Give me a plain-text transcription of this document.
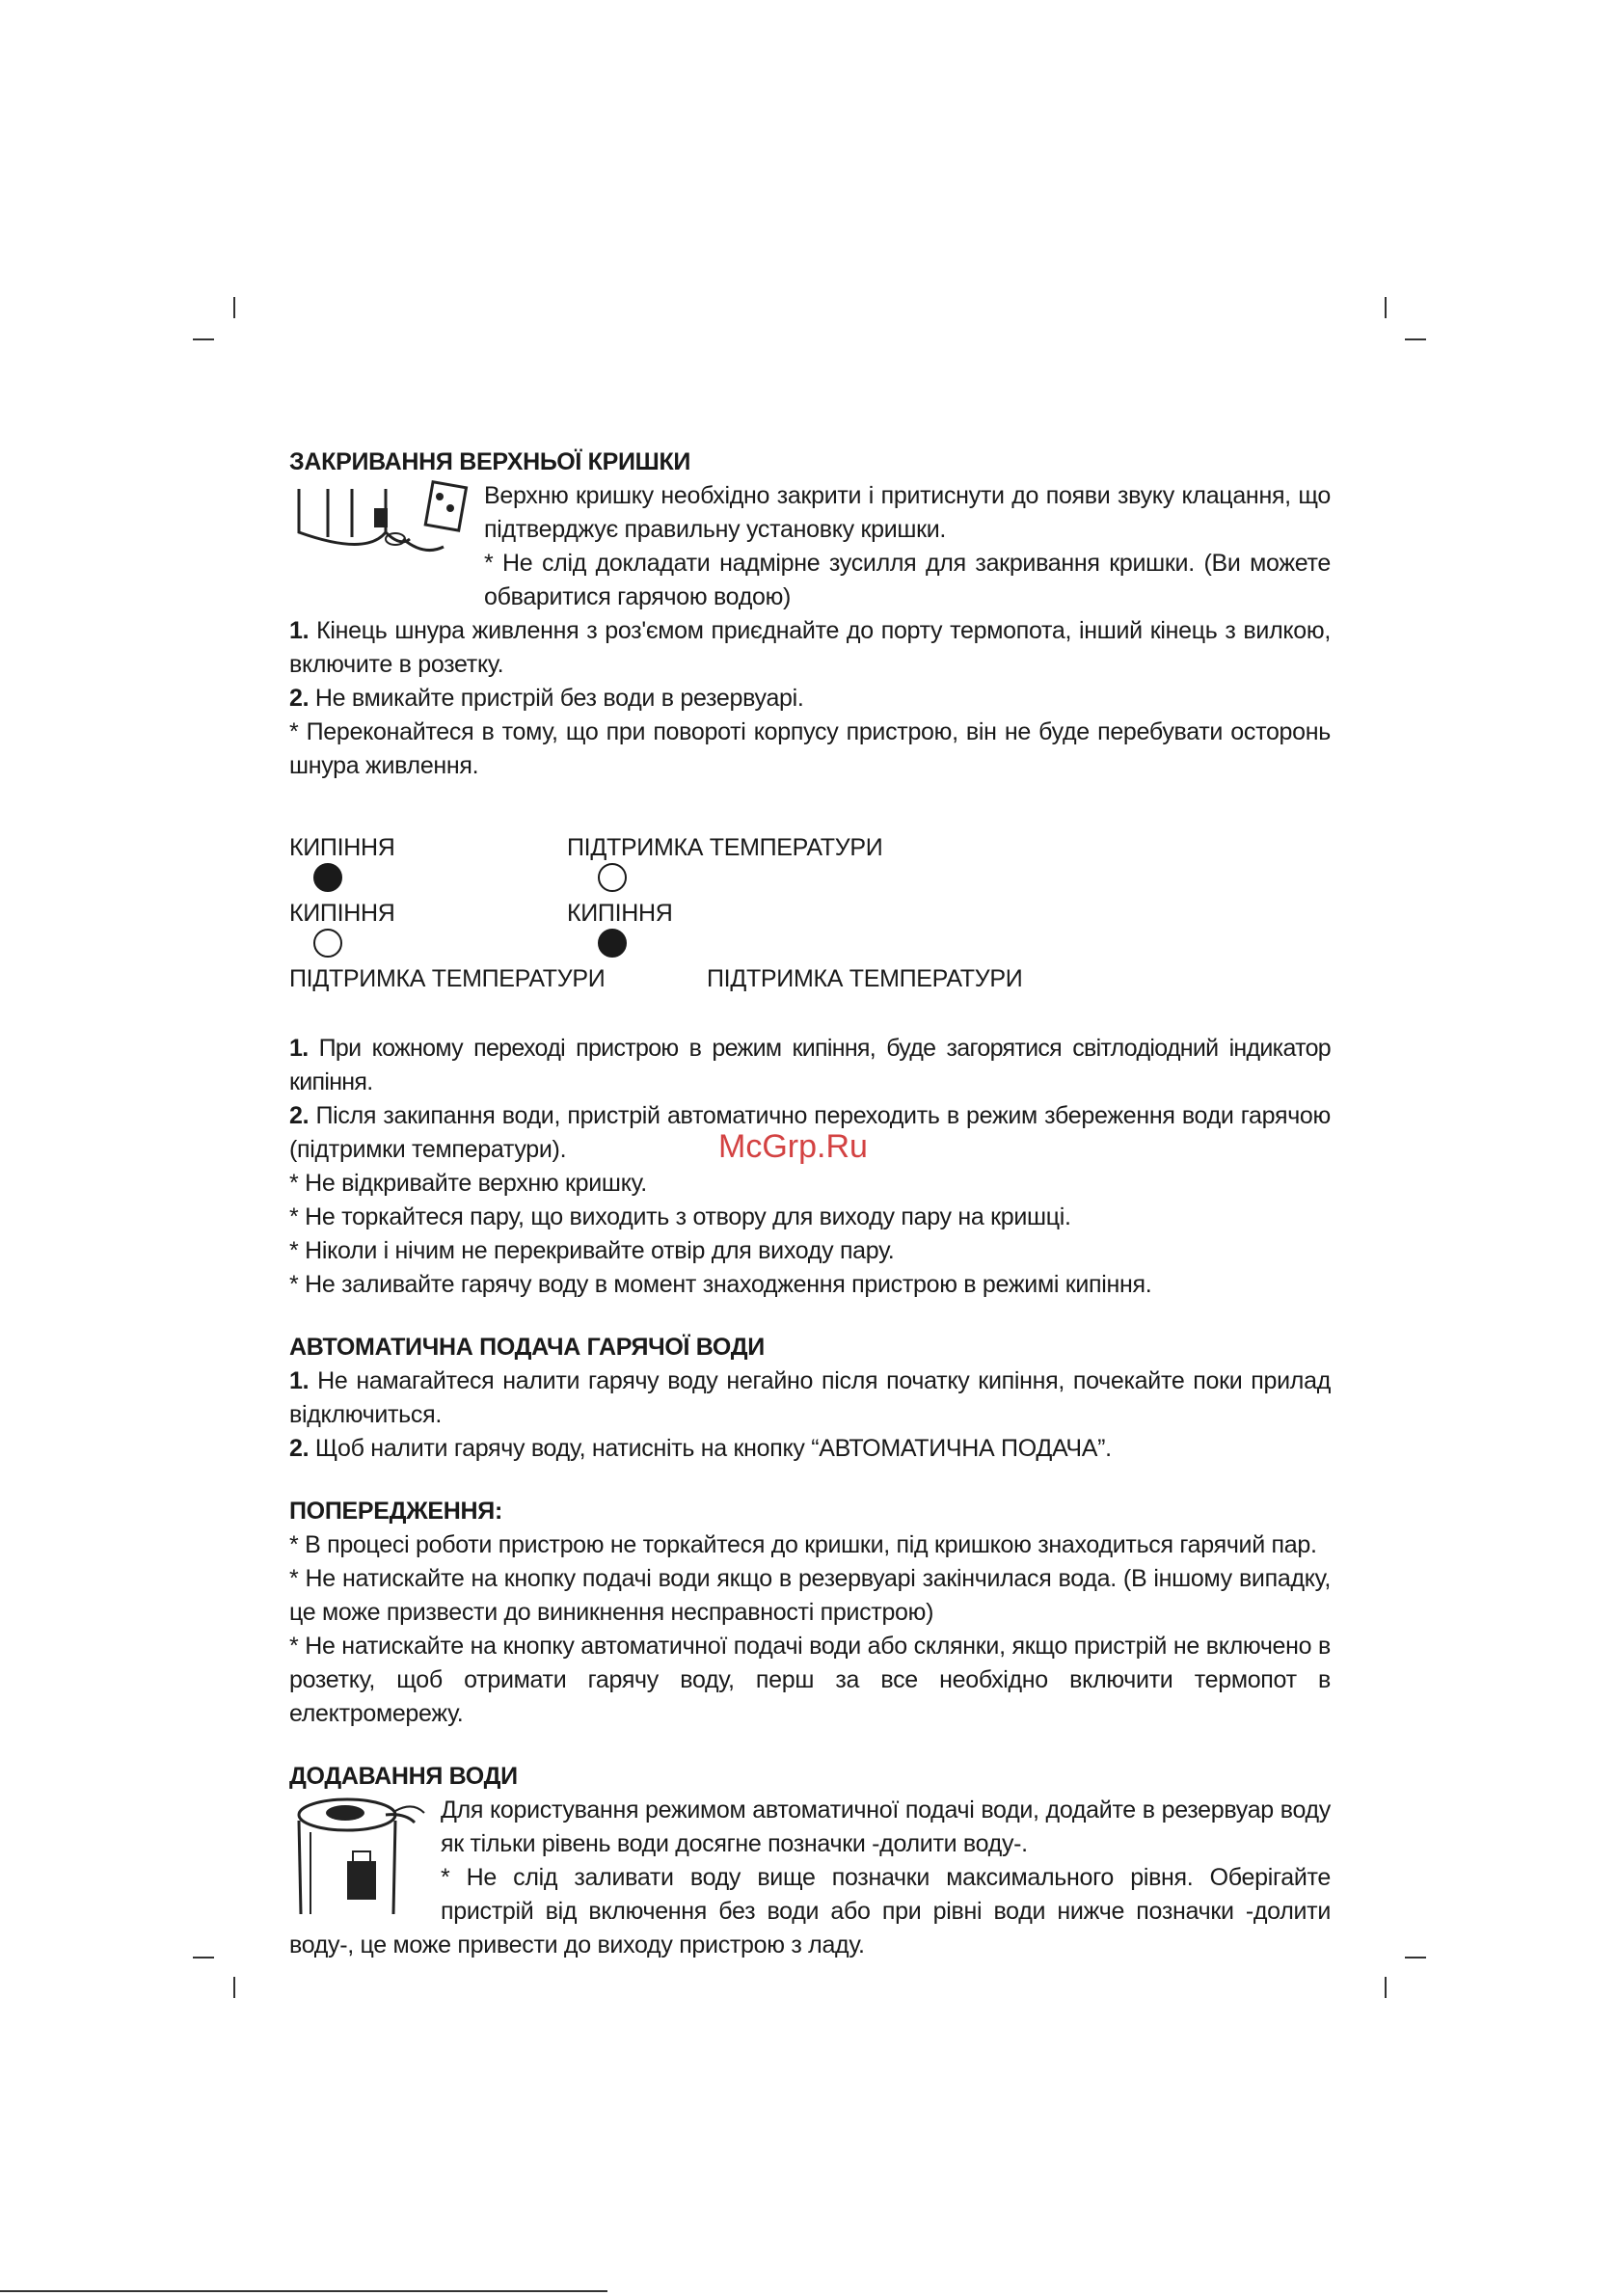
ЗАКРИВАННЯ ВЕРХНЬОЇ КРИШКИ

Верхню кришку необхідно закрити і притиснути до появи звуку клацання, що підтверджує правильну установку кришки.

* Не слід докладати надмірне зусилля для закривання кришки. (Ви можете обваритися гарячою водою)

1. Кінець шнура живлення з роз'ємом приєднайте до порту термопота, інший кінець з вилкою, включите в розетку.

2. Не вмикайте пристрій без води в резервуарі.

* Переконайтеся в тому, що при повороті корпусу пристрою, він не буде перебувати осторонь шнура живлення.

КИПІННЯ	ПІДТРИМКА ТЕМПЕРАТУРИ
КИПІННЯ	КИПІННЯ
ПІДТРИМКА ТЕМПЕРАТУРИ	ПІДТРИМКА ТЕМПЕРАТУРИ

1. При кожному переході пристрою в режим кипіння, буде загорятися світлодіодний індикатор кипіння.

2. Після закипання води, пристрій автоматично переходить в режим збереження води гарячою (підтримки температури).

* Не відкривайте верхню кришку.

* Не торкайтеся пару, що виходить з отвору для виходу пару на кришці.

* Ніколи і нічим не перекривайте отвір для виходу пару.

* Не заливайте гарячу воду в момент знаходження пристрою в режимі кипіння.

АВТОМАТИЧНА ПОДАЧА ГАРЯЧОЇ ВОДИ

1. Не намагайтеся налити гарячу воду негайно після початку кипіння, почекайте поки прилад відключиться.

2. Щоб налити гарячу воду, натисніть на кнопку “АВТОМАТИЧНА ПОДАЧА”.

ПОПЕРЕДЖЕННЯ:

* В процесі роботи пристрою не торкайтеся до кришки, під кришкою знаходиться гарячий пар.

* Не натискайте на кнопку подачі води якщо в резервуарі закінчилася вода. (В іншому випадку, це може призвести до виникнення несправності пристрою)

* Не натискайте на кнопку автоматичної подачі води або склянки, якщо пристрій не включено в розетку, щоб отримати гарячу воду, перш за все необхідно включити термопот в електромережу.

ДОДАВАННЯ ВОДИ

Для користування режимом автоматичної подачі води, додайте в резервуар воду як тільки рівень води досягне позначки -долити воду-.

* Не слід заливати воду вище позначки максимального рівня. Оберігайте пристрій від включення без води або при рівні води нижче позначки -долити воду-, це може привести до виходу пристрою з ладу.

McGrp.Ru
